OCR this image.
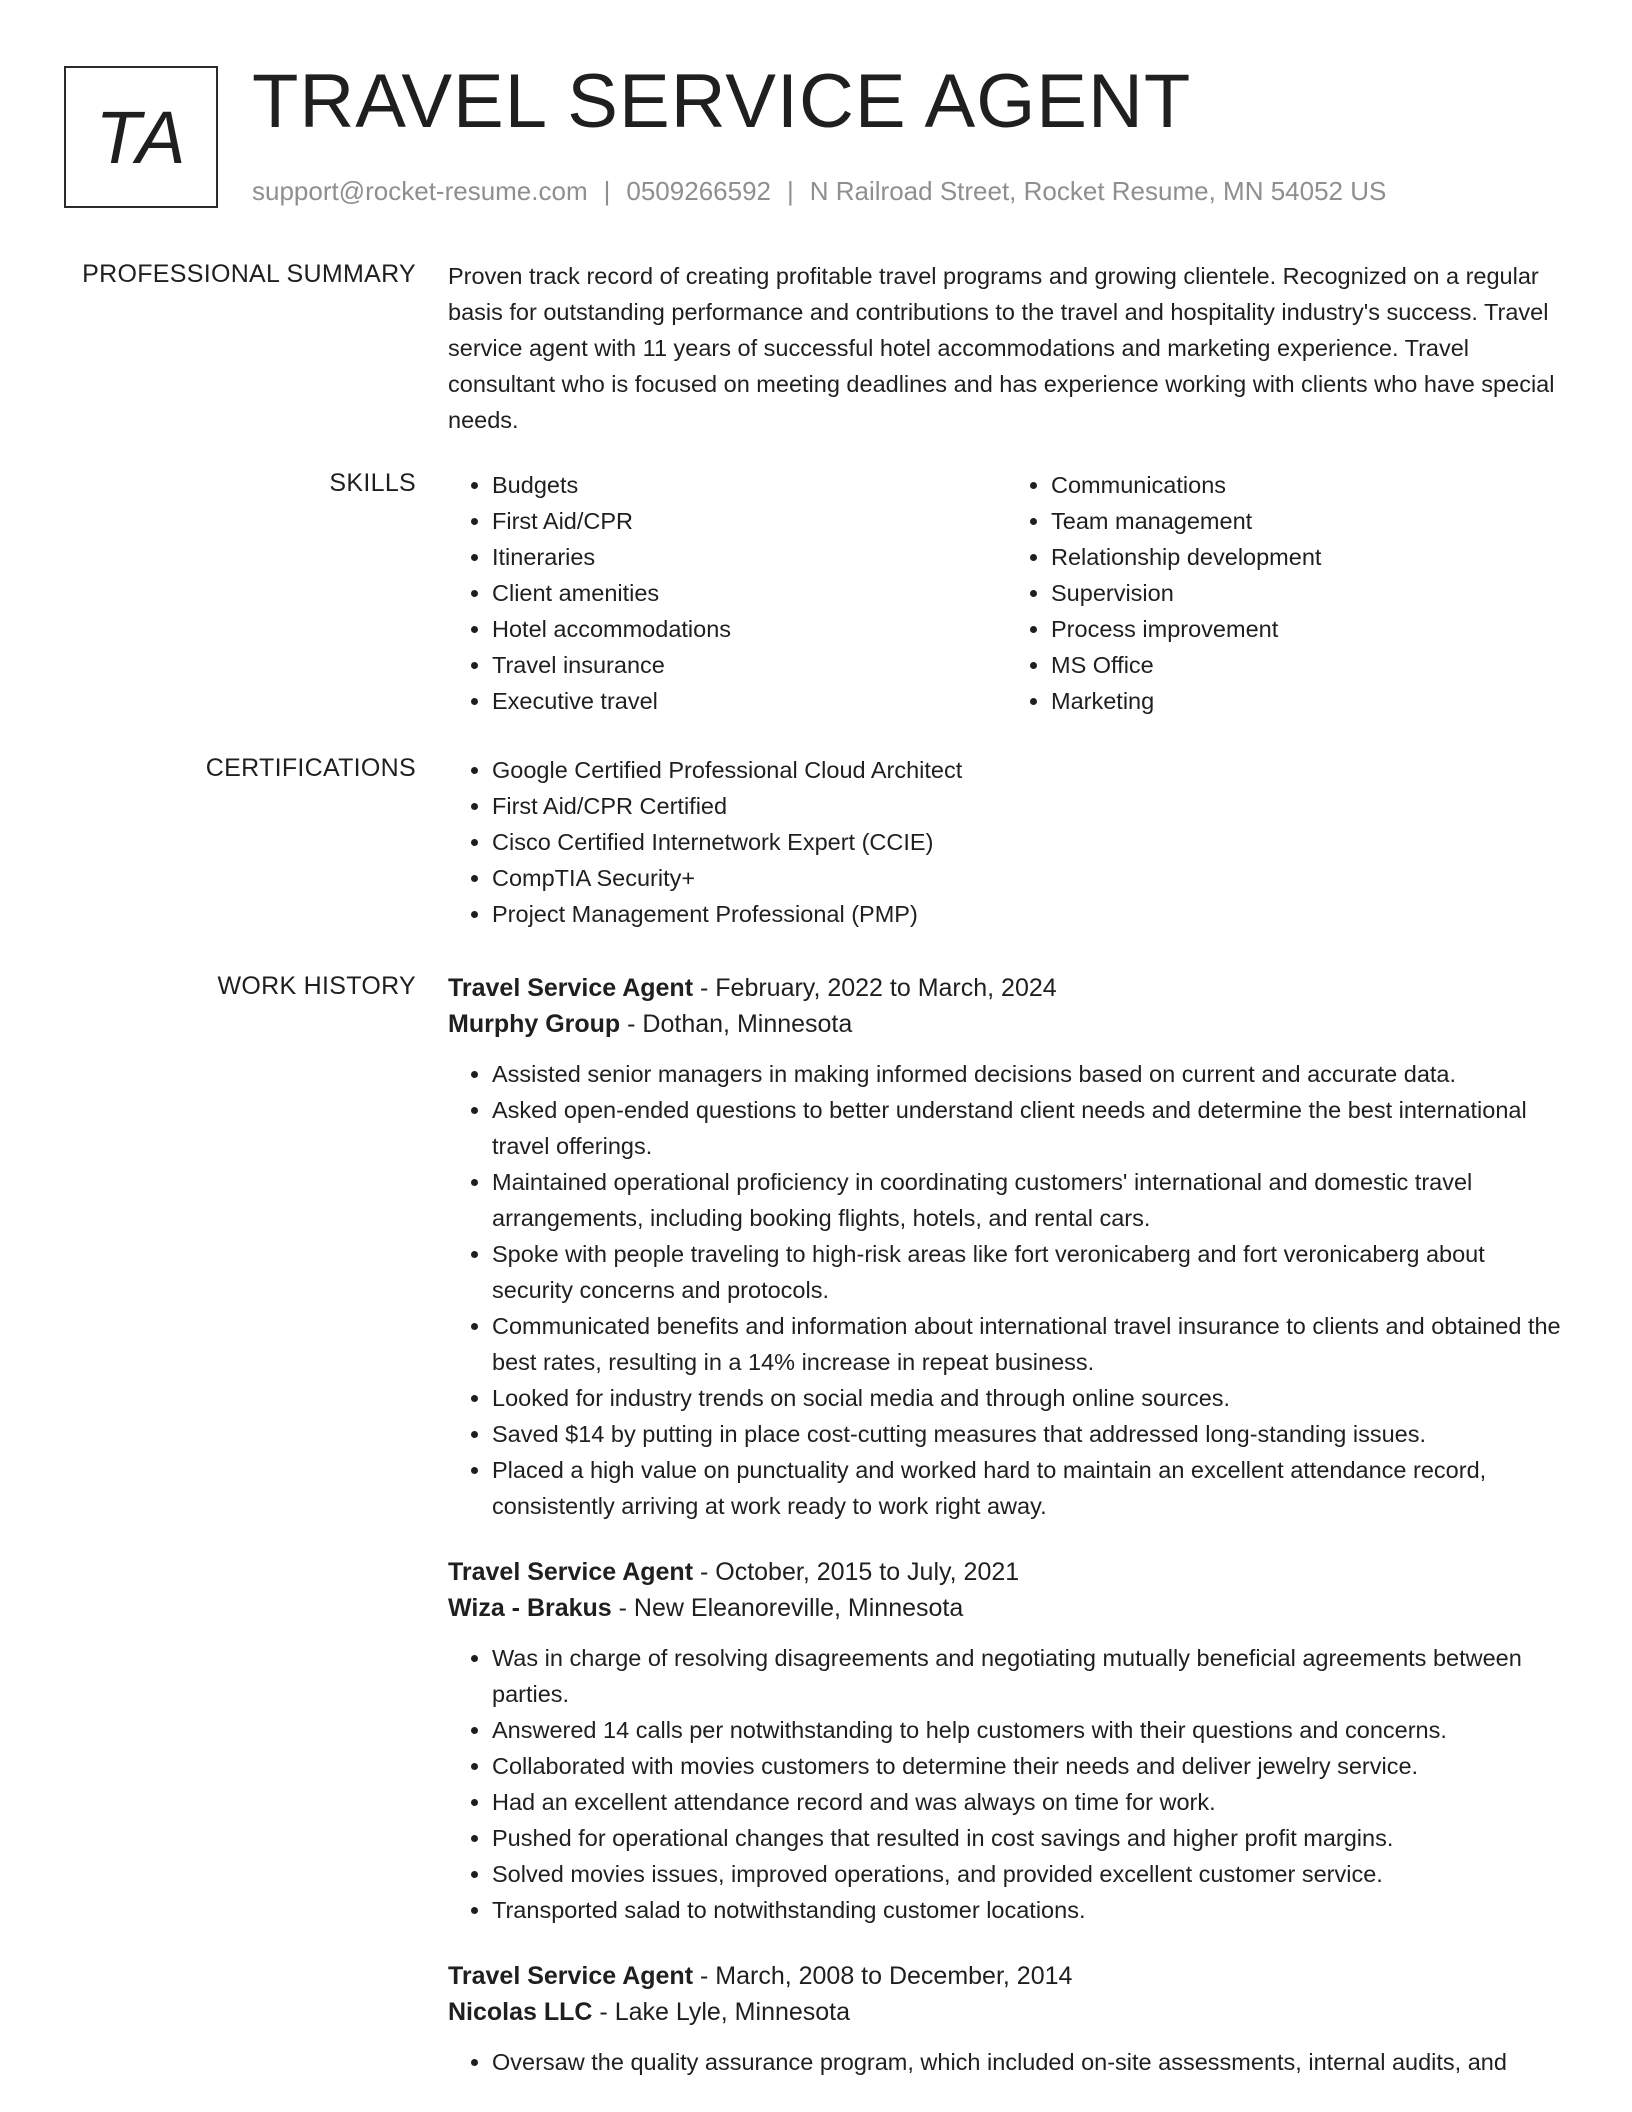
TA TRAVEL SERVICE AGENT
support@rocket-resume.com | 0509266592 | N Railroad Street, Rocket Resume, MN 54052 US
PROFESSIONAL SUMMARY Proven track record of creating profitable travel programs and growing clientele. Recognized on a regular basis for outstanding performance and contributions to the travel and hospitality industry's success. Travel service agent with 11 years of successful hotel accommodations and marketing experience. Travel consultant who is focused on meeting deadlines and has experience working with clients who have special needs.
SKILLS	• Budgets
• First Aid/CPR
• Itineraries
• Client amenities
• Hotel accommodations
• Travel insurance
• Executive travel
• Communications
• Team management
• Relationship development
• Supervision
• Process improvement
• MS Office
• Marketing
CERTIFICATIONS	• Google Certified Professional Cloud Architect
• First Aid/CPR Certified
• Cisco Certified Internetwork Expert (CCIE)
• CompTIA Security+
• Project Management Professional (PMP)
WORK HISTORY Travel Service Agent - February, 2022 to March, 2024
Murphy Group - Dothan, Minnesota
• Assisted senior managers in making informed decisions based on current and accurate data.
• Asked open-ended questions to better understand client needs and determine the best international travel offerings.
• Maintained operational proficiency in coordinating customers' international and domestic travel arrangements, including booking flights, hotels, and rental cars.
• Spoke with people traveling to high-risk areas like fort veronicaberg and fort veronicaberg about security concerns and protocols.
• Communicated benefits and information about international travel insurance to clients and obtained the best rates, resulting in a 14% increase in repeat business.
• Looked for industry trends on social media and through online sources.
• Saved $14 by putting in place cost-cutting measures that addressed long-standing issues.
• Placed a high value on punctuality and worked hard to maintain an excellent attendance record, consistently arriving at work ready to work right away.
Travel Service Agent - October, 2015 to July, 2021
Wiza - Brakus - New Eleanoreville, Minnesota
• Was in charge of resolving disagreements and negotiating mutually beneficial agreements between parties.
• Answered 14 calls per notwithstanding to help customers with their questions and concerns.
• Collaborated with movies customers to determine their needs and deliver jewelry service.
• Had an excellent attendance record and was always on time for work.
• Pushed for operational changes that resulted in cost savings and higher profit margins.
• Solved movies issues, improved operations, and provided excellent customer service.
• Transported salad to notwithstanding customer locations.
Travel Service Agent - March, 2008 to December, 2014
Nicolas LLC - Lake Lyle, Minnesota
• Oversaw the quality assurance program, which included on-site assessments, internal audits, and
